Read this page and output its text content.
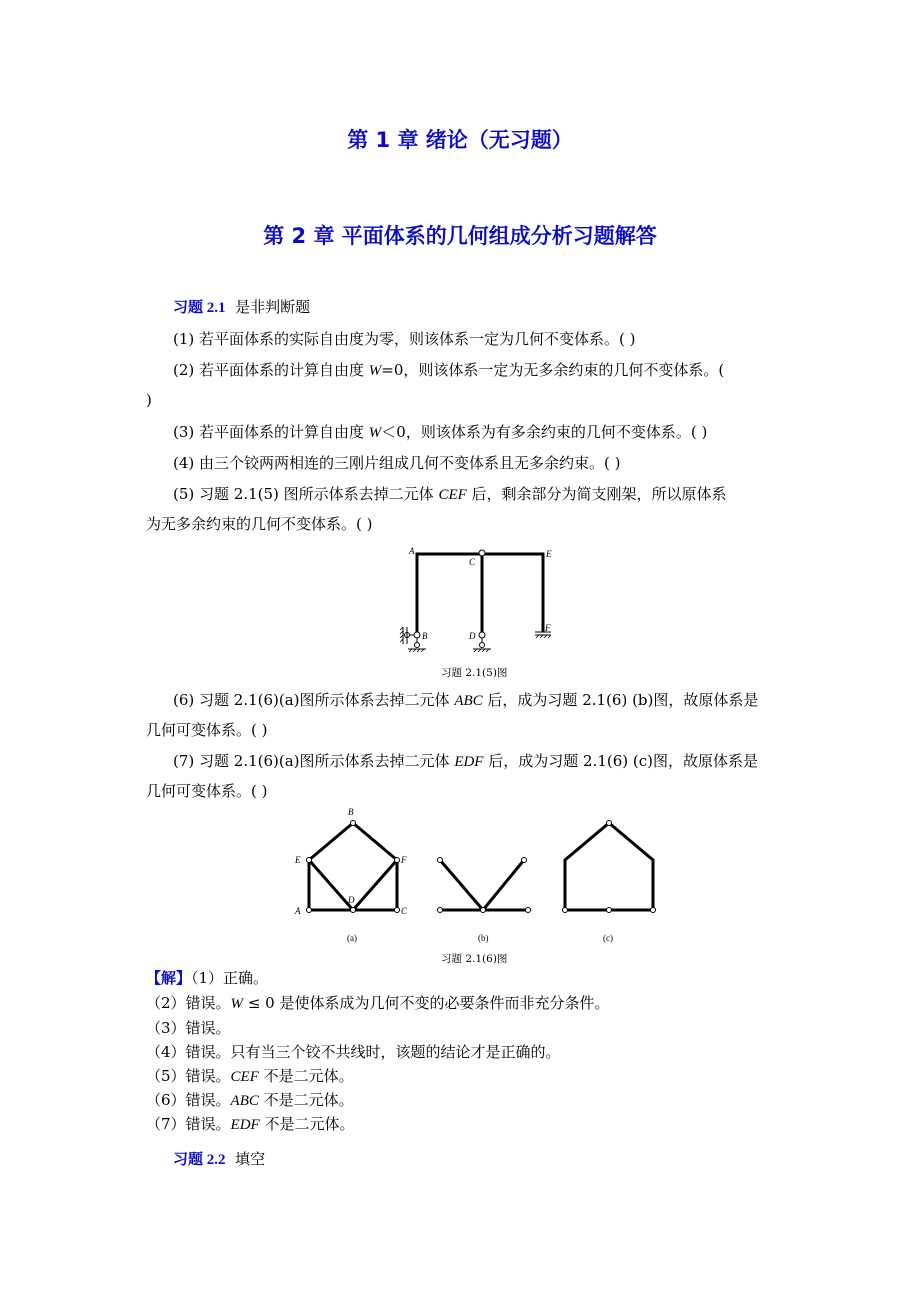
第 1 章 绪论（无习题）
第 2 章 平面体系的几何组成分析习题解答
习题 2.1 是非判断题
(1) 若平面体系的实际自由度为零，则该体系一定为几何不变体系。( )
(2) 若平面体系的计算自由度 W=0，则该体系一定为无多余约束的几何不变体系。(
)
(3) 若平面体系的计算自由度 W＜0，则该体系为有多余约束的几何不变体系。( )
(4) 由三个铰两两相连的三刚片组成几何不变体系且无多余约束。( )
(5) 习题 2.1(5) 图所示体系去掉二元体 CEF 后，剩余部分为简支刚架，所以原体系
为无多余约束的几何不变体系。( )
A
B
C
D
E
F
习题 2.1(5)图
(6) 习题 2.1(6)(a)图所示体系去掉二元体 ABC 后，成为习题 2.1(6) (b)图，故原体系是
几何可变体系。( )
(7) 习题 2.1(6)(a)图所示体系去掉二元体 EDF 后，成为习题 2.1(6) (c)图，故原体系是
几何可变体系。( )
B
E	F
A	C
D
(a)	(b)	(c)
习题 2.1(6)图
【解】（1）正确。
（2）错误。W ≤ 0 是使体系成为几何不变的必要条件而非充分条件。
（3）错误。
（4）错误。只有当三个铰不共线时，该题的结论才是正确的。
（5）错误。CEF 不是二元体。
（6）错误。ABC 不是二元体。
（7）错误。EDF 不是二元体。
习题 2.2 填空
